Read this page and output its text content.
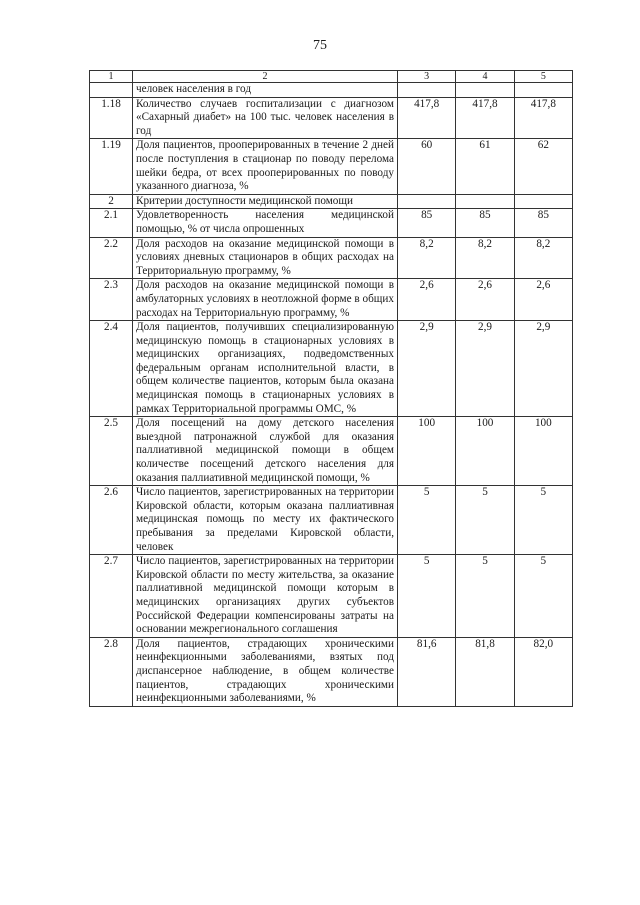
75
1	2	3	4	5
	человек населения в год			
1.18	Количество случаев госпитализации с диагнозом «Сахарный диабет» на 100 тыс. человек населения в год	417,8	417,8	417,8
1.19	Доля пациентов, прооперированных в течение 2 дней после поступления в стационар по поводу перелома шейки бедра, от всех прооперированных по поводу указанного диагноза, %	60	61	62
2	Критерии доступности медицинской помощи			
2.1	Удовлетворенность населения медицинской помощью, % от числа опрошенных	85	85	85
2.2	Доля расходов на оказание медицинской помощи в условиях дневных стационаров в общих расходах на Территориальную программу, %	8,2	8,2	8,2
2.3	Доля расходов на оказание медицинской помощи в амбулаторных условиях в неотложной форме в общих расходах на Территориальную программу, %	2,6	2,6	2,6
2.4	Доля пациентов, получивших специализированную медицинскую помощь в стационарных условиях в медицинских организациях, подведомственных федеральным органам исполнительной власти, в общем количестве пациентов, которым была оказана медицинская помощь в стационарных условиях в рамках Территориальной программы ОМС, %	2,9	2,9	2,9
2.5	Доля посещений на дому детского населения выездной патронажной службой для оказания паллиативной медицинской помощи в общем количестве посещений детского населения для оказания паллиативной медицинской помощи, %	100	100	100
2.6	Число пациентов, зарегистрированных на территории Кировской области, которым оказана паллиативная медицинская помощь по месту их фактического пребывания за пределами Кировской области, человек	5	5	5
2.7	Число пациентов, зарегистрированных на территории Кировской области по месту жительства, за оказание паллиативной медицинской помощи которым в медицинских организациях других субъектов Российской Федерации компенсированы затраты на основании межрегионального соглашения	5	5	5
2.8	Доля пациентов, страдающих хроническими неинфекционными заболеваниями, взятых под диспансерное наблюдение, в общем количестве пациентов, страдающих хроническими неинфекционными заболеваниями, %	81,6	81,8	82,0
